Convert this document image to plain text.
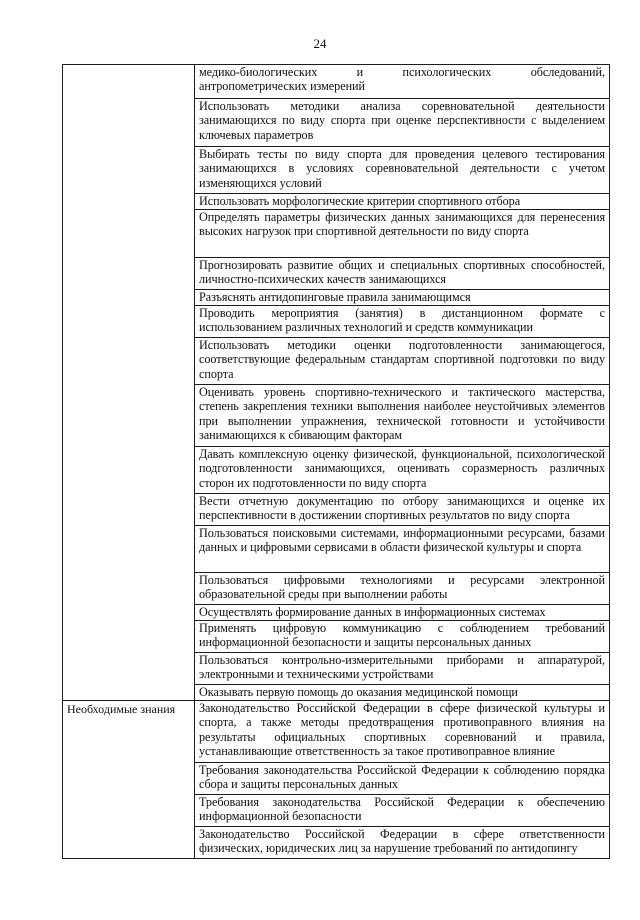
24

	медико-биологических и психологических обследований, антропометрических измерений

	Использовать методики анализа соревновательной деятельности занимающихся по виду спорта при оценке перспективности с выделением ключевых параметров

	Выбирать тесты по виду спорта для проведения целевого тестирования занимающихся в условиях соревновательной деятельности с учетом изменяющихся условий

	Использовать морфологические критерии спортивного отбора

	Определять параметры физических данных занимающихся для перенесения высоких нагрузок при спортивной деятельности по виду спорта

	Прогнозировать развитие общих и специальных спортивных способностей, личностно-психических качеств занимающихся

	Разъяснять антидопинговые правила занимающимся

	Проводить мероприятия (занятия) в дистанционном формате с использованием различных технологий и средств коммуникации

	Использовать методики оценки подготовленности занимающегося, соответствующие федеральным стандартам спортивной подготовки по виду спорта

	Оценивать уровень спортивно-технического и тактического мастерства, степень закрепления техники выполнения наиболее неустойчивых элементов при выполнении упражнения, технической готовности и устойчивости занимающихся к сбивающим факторам

	Давать комплексную оценку физической, функциональной, психологической подготовленности занимающихся, оценивать соразмерность различных сторон их подготовленности по виду спорта

	Вести отчетную документацию по отбору занимающихся и оценке их перспективности в достижении спортивных результатов по виду спорта

	Пользоваться поисковыми системами, информационными ресурсами, базами данных и цифровыми сервисами в области физической культуры и спорта

	Пользоваться цифровыми технологиями и ресурсами электронной образовательной среды при выполнении работы

	Осуществлять формирование данных в информационных системах

	Применять цифровую коммуникацию с соблюдением требований информационной безопасности и защиты персональных данных

	Пользоваться контрольно-измерительными приборами и аппаратурой, электронными и техническими устройствами

	Оказывать первую помощь до оказания медицинской помощи

Необходимые знания	Законодательство Российской Федерации в сфере физической культуры и спорта, а также методы предотвращения противоправного влияния на результаты официальных спортивных соревнований и правила, устанавливающие ответственность за такое противоправное влияние

	Требования законодательства Российской Федерации к соблюдению порядка сбора и защиты персональных данных

	Требования законодательства Российской Федерации к обеспечению информационной безопасности

	Законодательство Российской Федерации в сфере ответственности физических, юридических лиц за нарушение требований по антидопингу
